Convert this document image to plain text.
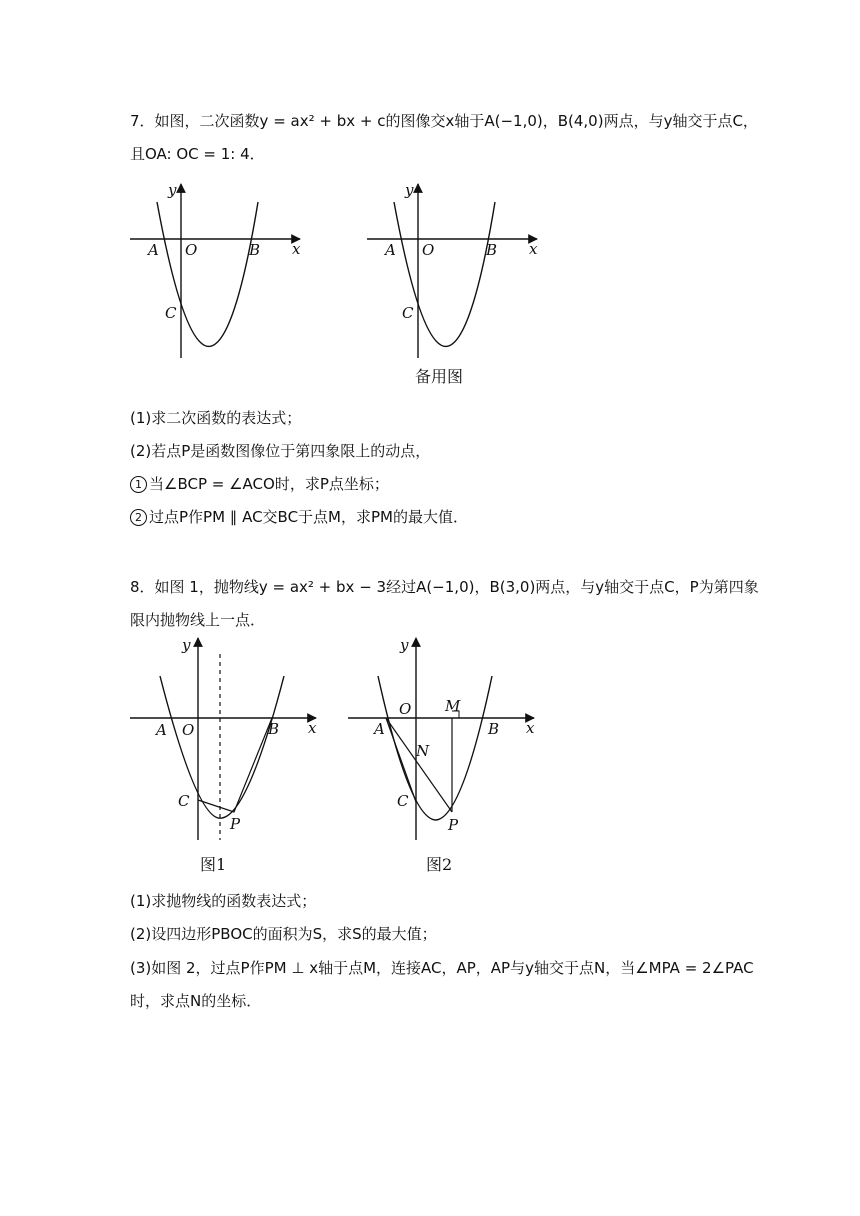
7．如图，二次函数y = ax² + bx + c的图像交x轴于A(−1,0)，B(4,0)两点，与y轴交于点C，
且OA: OC = 1: 4．
y
A O	B x
C
y
A O	B x
C
备用图
(1)求二次函数的表达式；
(2)若点P是函数图像位于第四象限上的动点，
1 当∠BCP = ∠ACO时，求P点坐标；
2 过点P作PM ∥ AC交BC于点M，求PM的最大值．
8．如图 1，抛物线y = ax² + bx − 3经过A(−1,0)，B(3,0)两点，与y轴交于点C，P为第四象
限内抛物线上一点．
y
A O	B x
C
P
图1
y
O M
A	B x
N
C
P
图2
(1)求抛物线的函数表达式；
(2)设四边形PBOC的面积为S，求S的最大值；
(3)如图 2，过点P作PM ⊥ x轴于点M，连接AC，AP，AP与y轴交于点N，当∠MPA = 2∠PAC
时，求点N的坐标．
